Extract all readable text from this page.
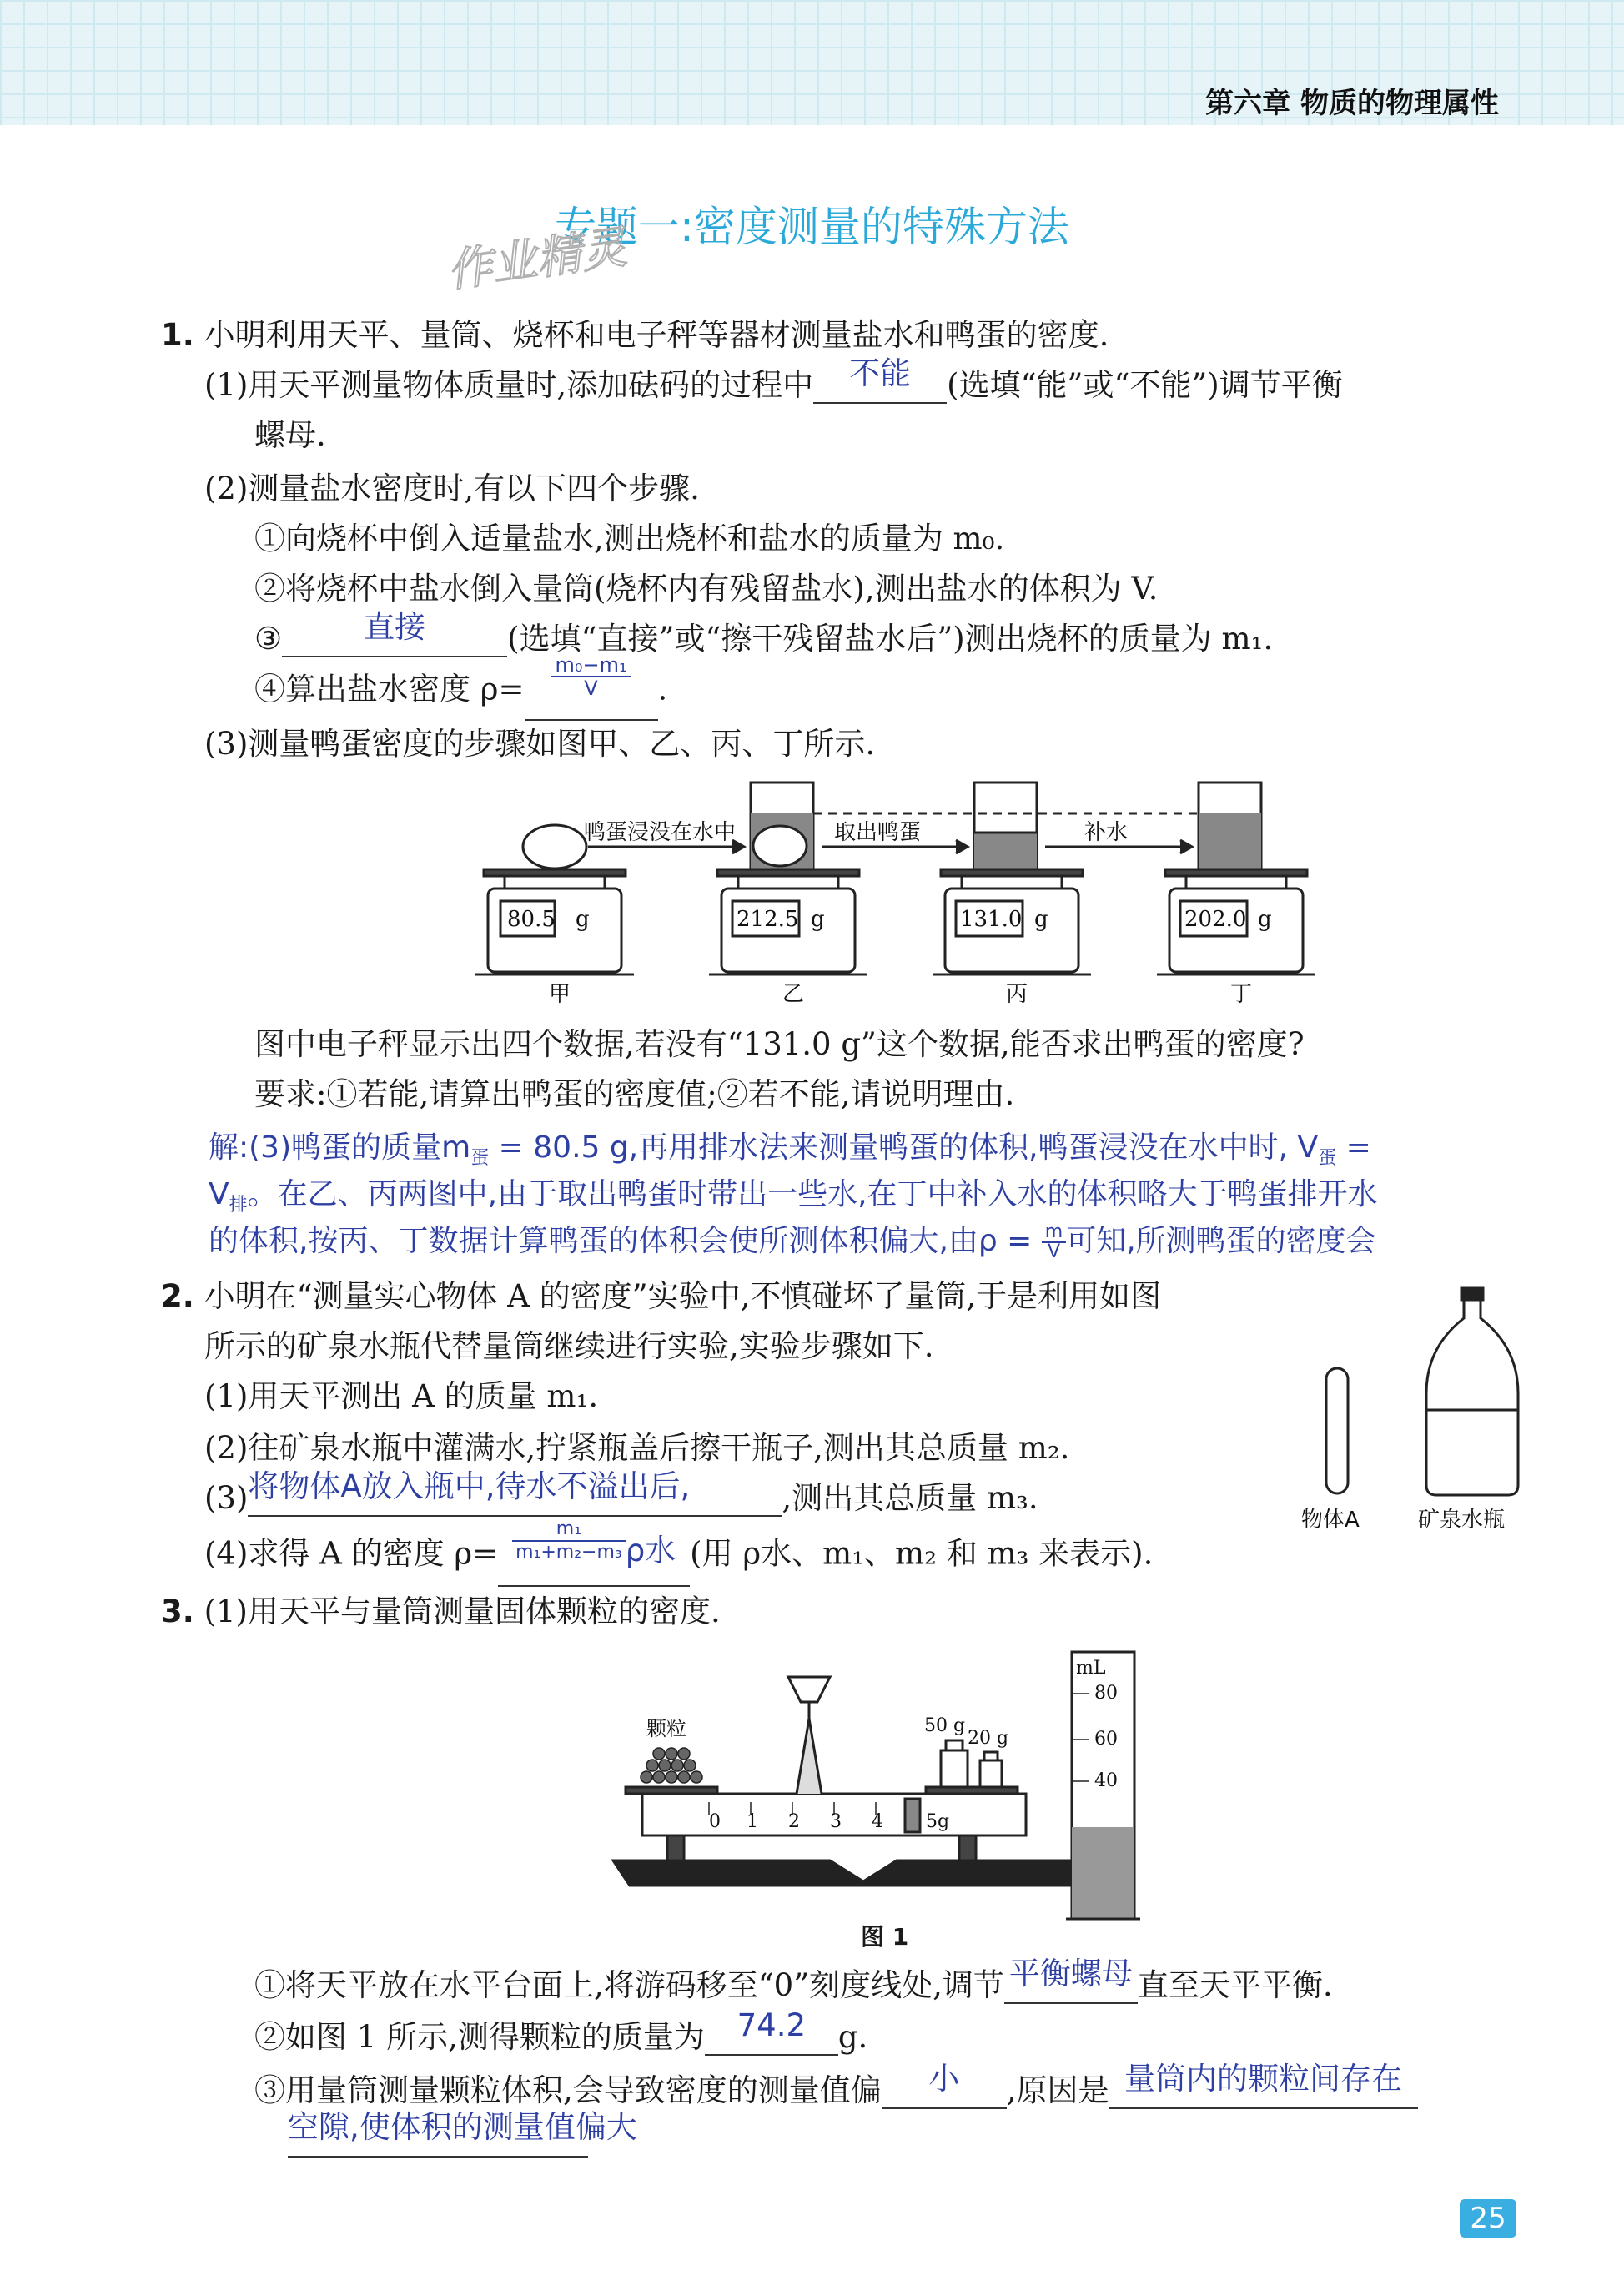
第六章 物质的物理属性
专题一:密度测量的特殊方法
作业精灵
1. 小明利用天平、量筒、烧杯和电子秤等器材测量盐水和鸭蛋的密度.
(1)用天平测量物体质量时,添加砝码的过程中 不能 (选填“能”或“不能”)调节平衡
螺母.
(2)测量盐水密度时,有以下四个步骤.
①向烧杯中倒入适量盐水,测出烧杯和盐水的质量为 m₀.
②将烧杯中盐水倒入量筒(烧杯内有残留盐水),测出盐水的体积为 V.
③	直接	(选填“直接”或“擦干残留盐水后”)测出烧杯的质量为 m₁.
④算出盐水密度 $\rho= \frac{\text{m₀−m₁}}{V}$ .
(3)测量鸭蛋密度的步骤如图甲、乙、丙、丁所示.
80.5 g	212.5 g	131.0 g	202.0 g
鸭蛋浸没在水中	取出鸭蛋	补水
甲	乙	丙	丁
图中电子秤显示出四个数据,若没有“131.0 g”这个数据,能否求出鸭蛋的密度?
要求:①若能,请算出鸭蛋的密度值;②若不能,请说明理由.
解:(3)鸭蛋的质量$m_蛋 = 80.5$ g,再用排水法来测量鸭蛋的体积,鸭蛋浸没在水中时, $V_蛋$ =
$V_排$。在乙、丙两图中,由于取出鸭蛋时带出一些水,在丁中补入水的体积略大于鸭蛋排开水
的体积,按丙、丁数据计算鸭蛋的体积会使所测体积偏大,由$\rho = \frac{m}{V}$ 可知,所测鸭蛋的密度会
2. 小明在“测量实心物体 A 的密度”实验中,不慎碰坏了量筒,于是利用如图
所示的矿泉水瓶代替量筒继续进行实验,实验步骤如下.
(1)用天平测出 A 的质量 m₁.
(2)往矿泉水瓶中灌满水,拧紧瓶盖后擦干瓶子,测出其总质量 m₂.
(3)将物体A放入瓶中,待水不溢出后,	,测出其总质量 m₃.
(4)求得 A 的密度 $\rho= \frac{\text{m₁}}{\text{m₁+m₂−m₃}}$ ρ水 (用 ρ水、m₁、m₂ 和 m₃ 来表示).
物体A	矿泉水瓶
3. (1)用天平与量筒测量固体颗粒的密度.
0 1 2 3 4 5g
50 g
20 g
mL
80
60
40
颗粒
图 1
①将天平放在水平台面上,将游码移至“0”刻度线处,调节 平衡螺母 直至天平平衡.
②如图 1 所示,测得颗粒的质量为 74.2 g.
③用量筒测量颗粒体积,会导致密度的测量值偏 小 ,原因是 量筒内的颗粒间存在
空隙,使体积的测量值偏大
25
